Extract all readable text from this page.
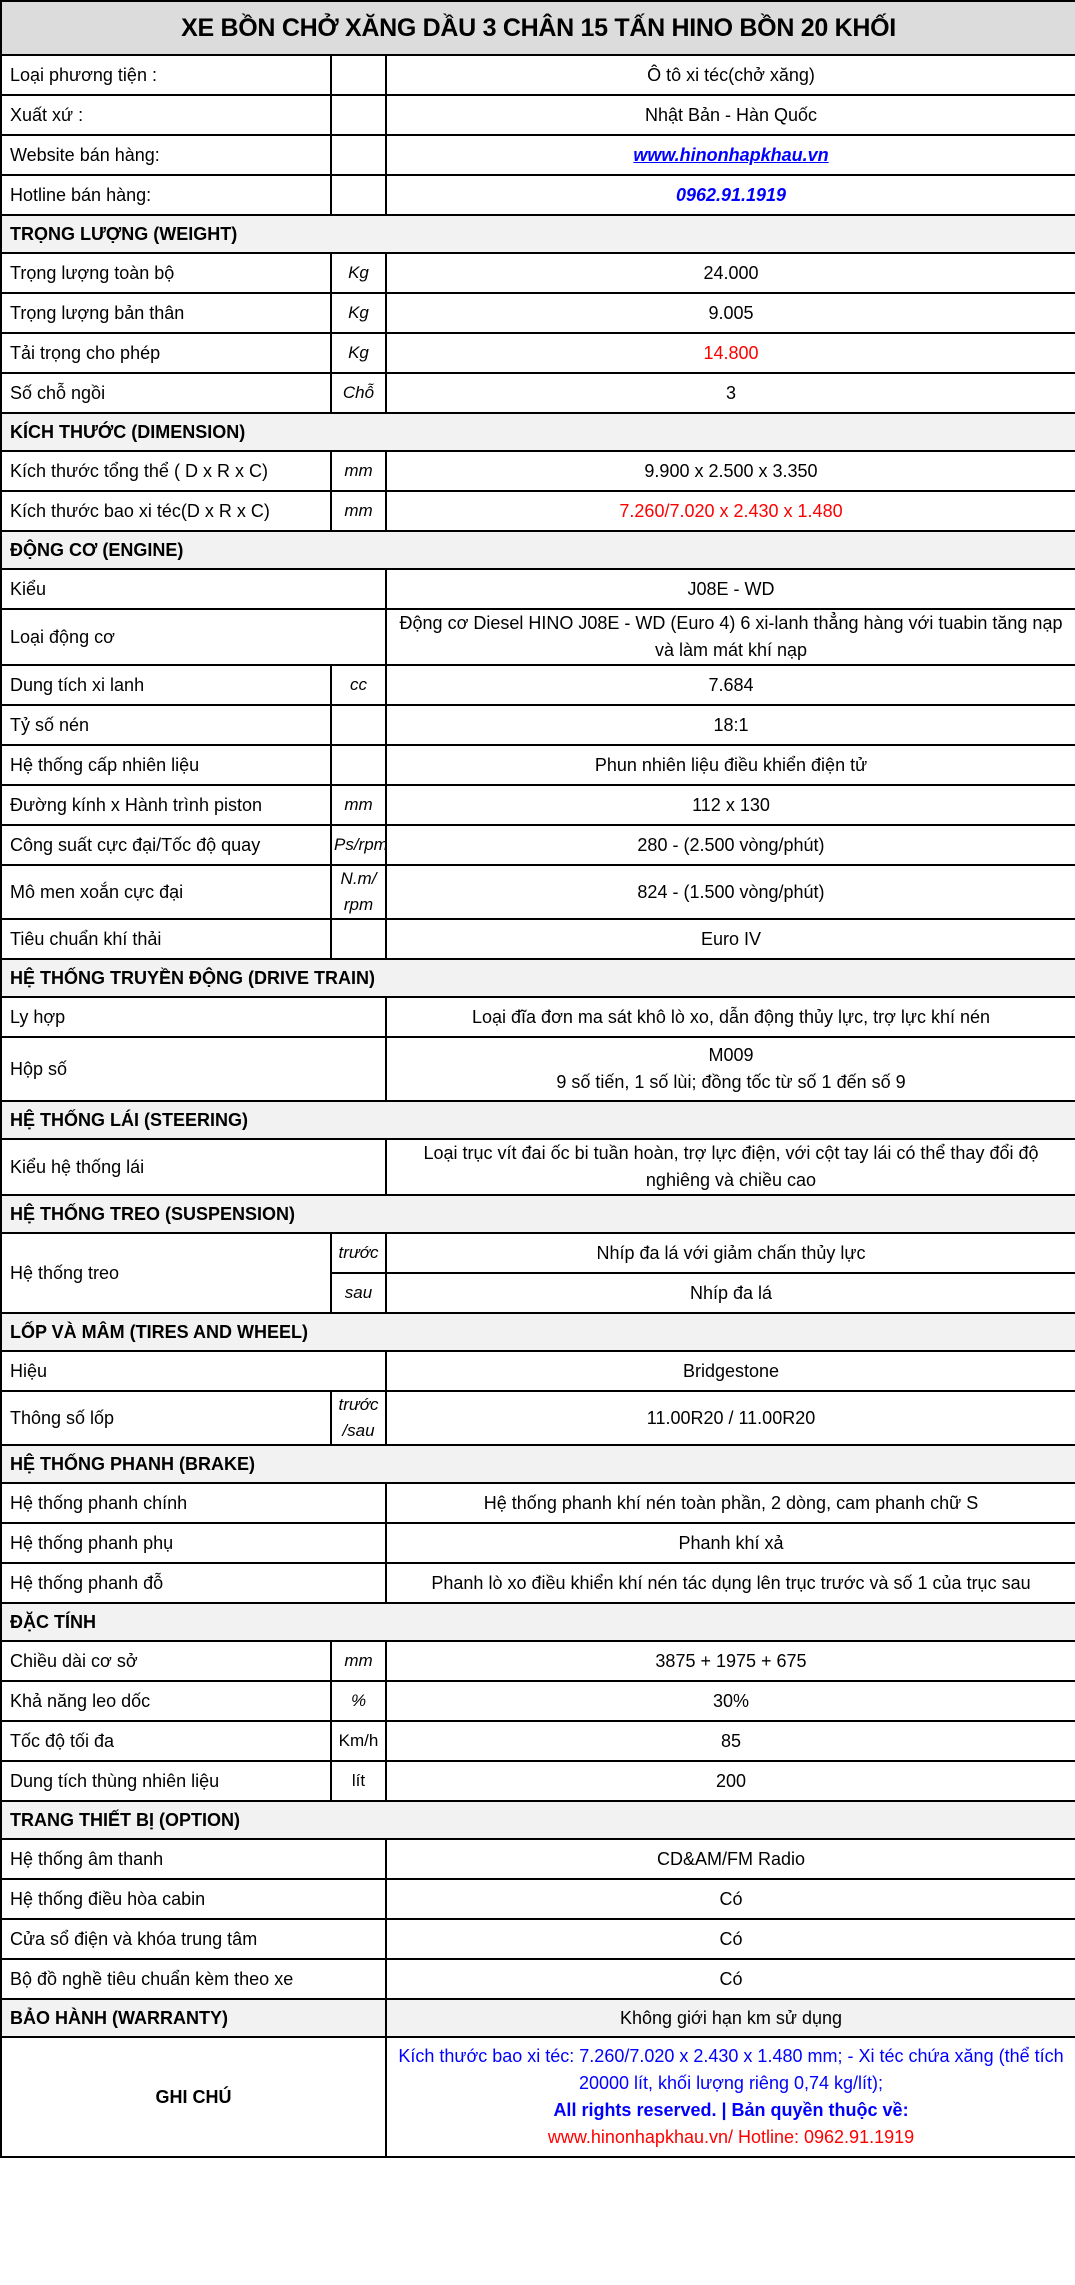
XE BỒN CHỞ XĂNG DẦU 3 CHÂN 15 TẤN HINO BỒN 20 KHỐI		
Loại phương tiện :		Ô tô xi téc(chở xăng)
Xuất xứ :		Nhật Bản - Hàn Quốc
Website bán hàng:		www.hinonhapkhau.vn
Hotline bán hàng:		0962.91.1919
TRỌNG LƯỢNG (WEIGHT)		
Trọng lượng toàn bộ	Kg	24.000
Trọng lượng bản thân	Kg	9.005
Tải trọng cho phép	Kg	14.800
Số chỗ ngồi	Chỗ	3
KÍCH THƯỚC (DIMENSION)		
Kích thước tổng thể ( D x R x C)	mm	9.900 x 2.500 x 3.350
Kích thước bao xi téc(D x R x C)	mm	7.260/7.020 x 2.430 x 1.480
ĐỘNG CƠ (ENGINE)		
Kiểu		J08E - WD
Loại động cơ		Động cơ Diesel HINO J08E - WD (Euro 4) 6 xi-lanh thẳng hàng với tuabin tăng nạp và làm mát khí nạp
Dung tích xi lanh	cc	7.684
Tỷ số nén		18:1
Hệ thống cấp nhiên liệu		Phun nhiên liệu điều khiển điện tử
Đường kính x Hành trình piston	mm	112 x 130
Công suất cực đại/Tốc độ quay	Ps/rpm	280 - (2.500 vòng/phút)
Mô men xoắn cực đại	N.m/ rpm	824 - (1.500 vòng/phút)
Tiêu chuẩn khí thải		Euro IV
HỆ THỐNG TRUYỀN ĐỘNG (DRIVE TRAIN)		
Ly hợp		Loại đĩa đơn ma sát khô lò xo, dẫn động thủy lực, trợ lực khí nén
Hộp số		M009
9 số tiến, 1 số lùi; đồng tốc từ số 1 đến số 9

HỆ THỐNG LÁI (STEERING)		
Kiểu hệ thống lái		Loại trục vít đai ốc bi tuần hoàn, trợ lực điện, với cột tay lái có thể thay đổi độ nghiêng và chiều cao
HỆ THỐNG TREO (SUSPENSION)		
Hệ thống treo	trước	Nhíp đa lá với giảm chấn thủy lực
	sau	Nhíp đa lá
LỐP VÀ MÂM (TIRES AND WHEEL)		
Hiệu		Bridgestone
Thông số lốp	trước /sau	11.00R20 / 11.00R20
HỆ THỐNG PHANH (BRAKE)		
Hệ thống phanh chính		Hệ thống phanh khí nén toàn phần, 2 dòng, cam phanh chữ S
Hệ thống phanh phụ		Phanh khí xả
Hệ thống phanh đỗ		Phanh lò xo điều khiển khí nén tác dụng lên trục trước và số 1 của trục sau
ĐẶC TÍNH		
Chiều dài cơ sở	mm	3875 + 1975 + 675
Khả năng leo dốc	%	30%
Tốc độ tối đa	Km/h	85
Dung tích thùng nhiên liệu	lít	200
TRANG THIẾT BỊ (OPTION)		
Hệ thống âm thanh		CD&AM/FM Radio
Hệ thống điều hòa cabin		Có
Cửa sổ điện và khóa trung tâm		Có
Bộ đồ nghề tiêu chuẩn kèm theo xe		Có
BẢO HÀNH (WARRANTY)		Không giới hạn km sử dụng
GHI CHÚ		Kích thước bao xi téc: 7.260/7.020 x 2.430 x 1.480 mm; - Xi téc chứa xăng (thể tích 20000 lít, khối lượng riêng 0,74 kg/lít);
All rights reserved. | Bản quyền thuộc về:
www.hinonhapkhau.vn/ Hotline: 0962.91.1919
